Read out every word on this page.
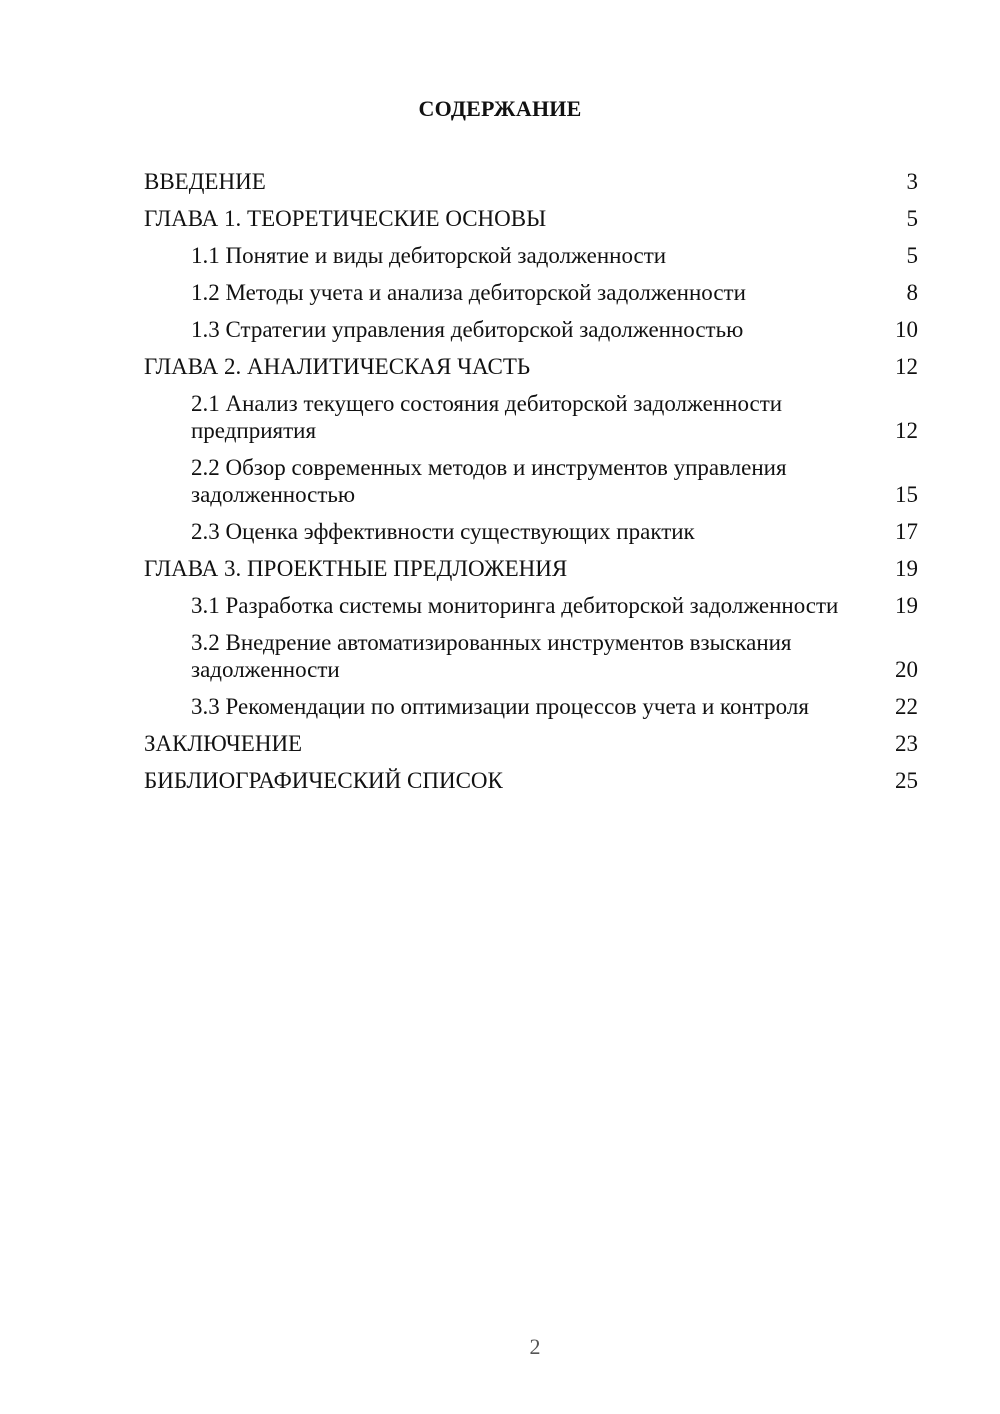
СОДЕРЖАНИЕ
ВВЕДЕНИЕ	3
ГЛАВА 1. ТЕОРЕТИЧЕСКИЕ ОСНОВЫ	5
1.1 Понятие и виды дебиторской задолженности	5
1.2 Методы учета и анализа дебиторской задолженности	8
1.3 Стратегии управления дебиторской задолженностью	10
ГЛАВА 2. АНАЛИТИЧЕСКАЯ ЧАСТЬ	12
2.1 Анализ текущего состояния дебиторской задолженности предприятия	12
2.2 Обзор современных методов и инструментов управления задолженностью	15
2.3 Оценка эффективности существующих практик	17
ГЛАВА 3. ПРОЕКТНЫЕ ПРЕДЛОЖЕНИЯ	19
3.1 Разработка системы мониторинга дебиторской задолженности	19
3.2 Внедрение автоматизированных инструментов взыскания задолженности	20
3.3 Рекомендации по оптимизации процессов учета и контроля	22
ЗАКЛЮЧЕНИЕ	23
БИБЛИОГРАФИЧЕСКИЙ СПИСОК	25
2
